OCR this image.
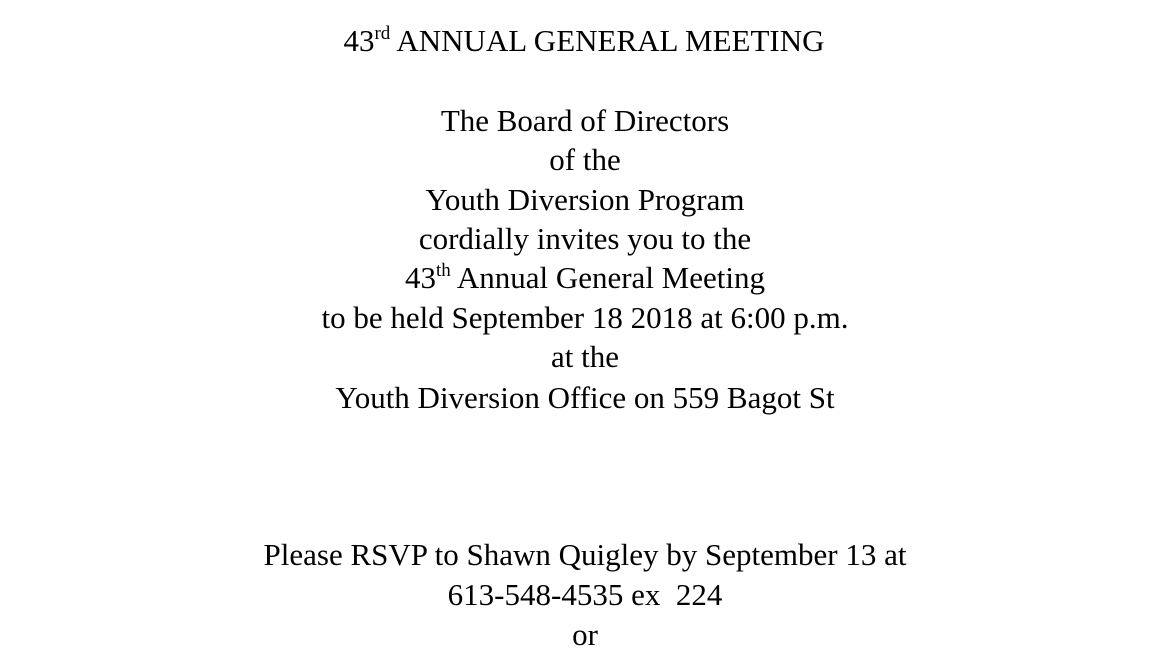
43rd ANNUAL GENERAL MEETING
The Board of Directors
of the
Youth Diversion Program
cordially invites you to the
43th Annual General Meeting
to be held September 18 2018 at 6:00 p.m.
at the
Youth Diversion Office on 559 Bagot St
Please RSVP to Shawn Quigley by September 13 at
613-548-4535 ex  224
or
